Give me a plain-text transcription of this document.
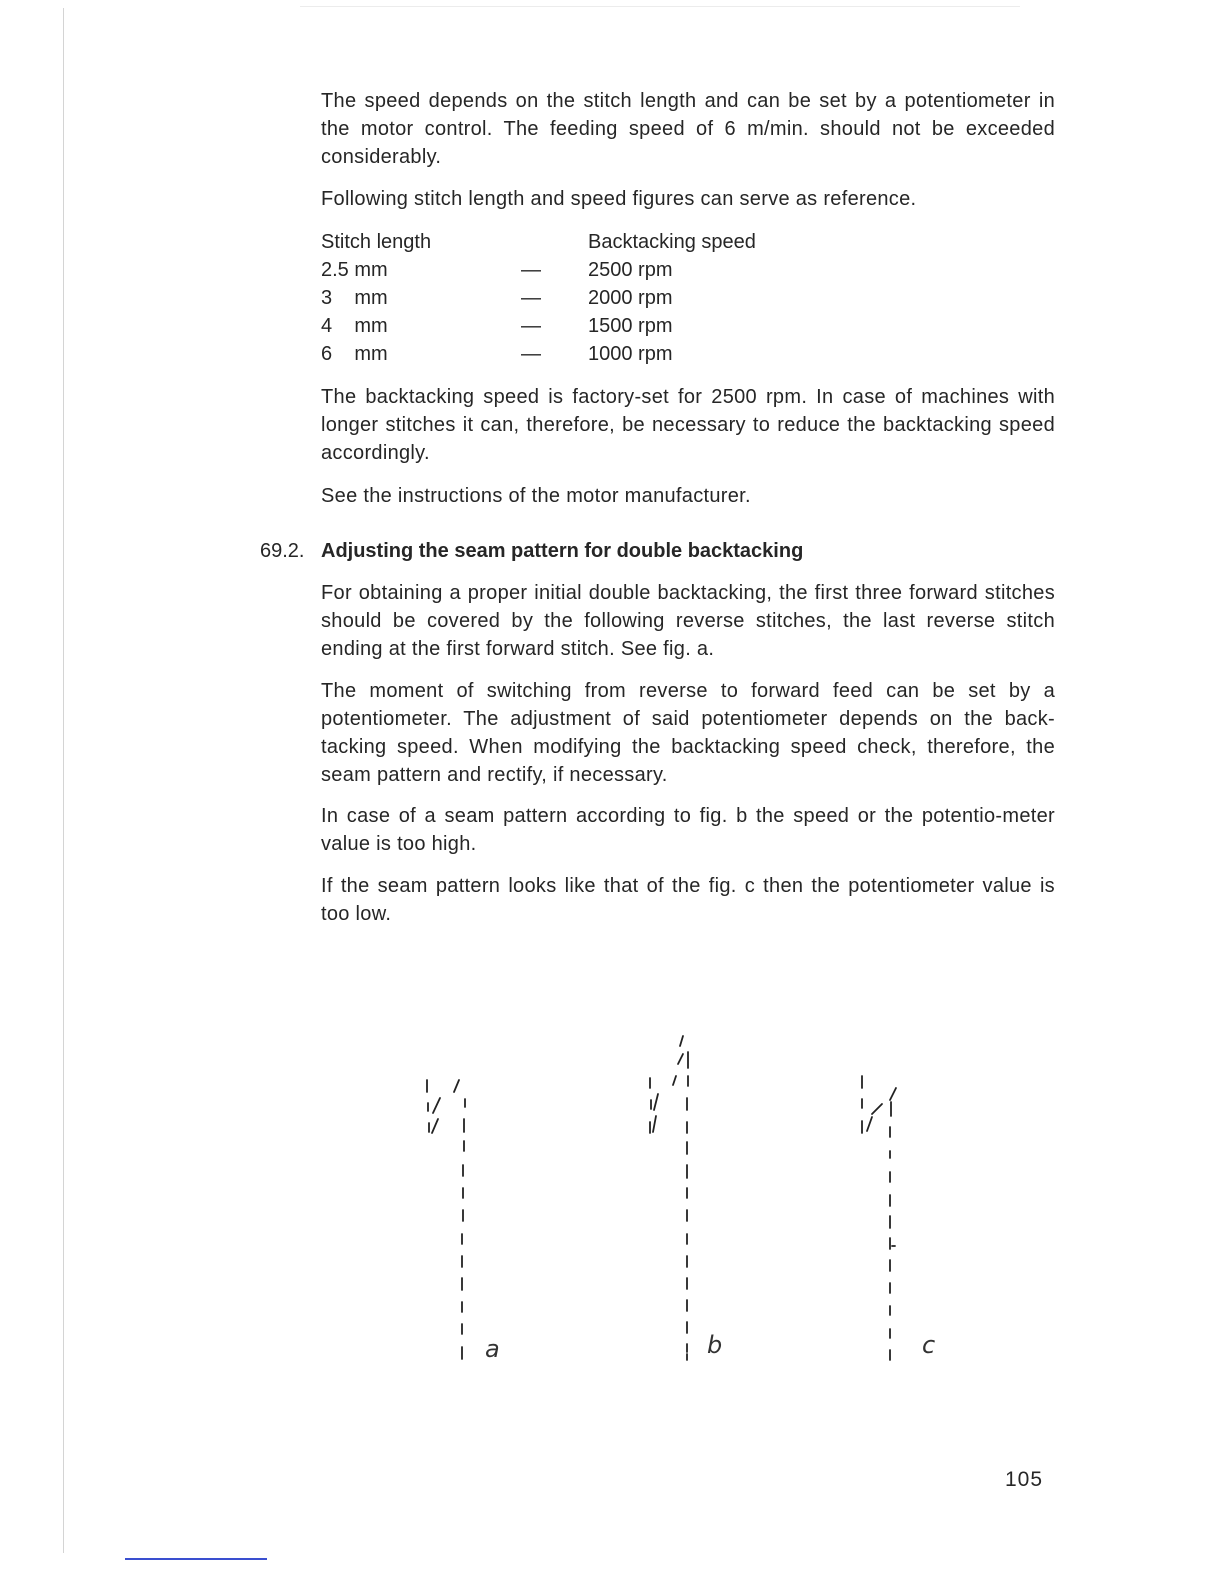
The speed depends on the stitch length and can be set by a potentiometer in the motor control. The feeding speed of 6 m/min. should not be exceeded considerably.

Following stitch length and speed figures can serve as reference.

Stitch length	Backtacking speed
2.5 mm	— 2500 rpm
3    mm	— 2000 rpm
4    mm	— 1500 rpm
6    mm	— 1000 rpm

The backtacking speed is factory-set for 2500 rpm. In case of machines with longer stitches it can, therefore, be necessary to reduce the backtacking speed accordingly.

See the instructions of the motor manufacturer.

69.2. Adjusting the seam pattern for double backtacking

For obtaining a proper initial double backtacking, the first three forward stitches should be covered by the following reverse stitches, the last reverse stitch ending at the first forward stitch. See fig. a.

The moment of switching from reverse to forward feed can be set by a potentiometer. The adjustment of said potentiometer depends on the back-tacking speed. When modifying the backtacking speed check, therefore, the seam pattern and rectify, if necessary.

In case of a seam pattern according to fig. b the speed or the potentio-meter value is too high.

If the seam pattern looks like that of the fig. c then the potentiometer value is too low.

a	b	c
105
